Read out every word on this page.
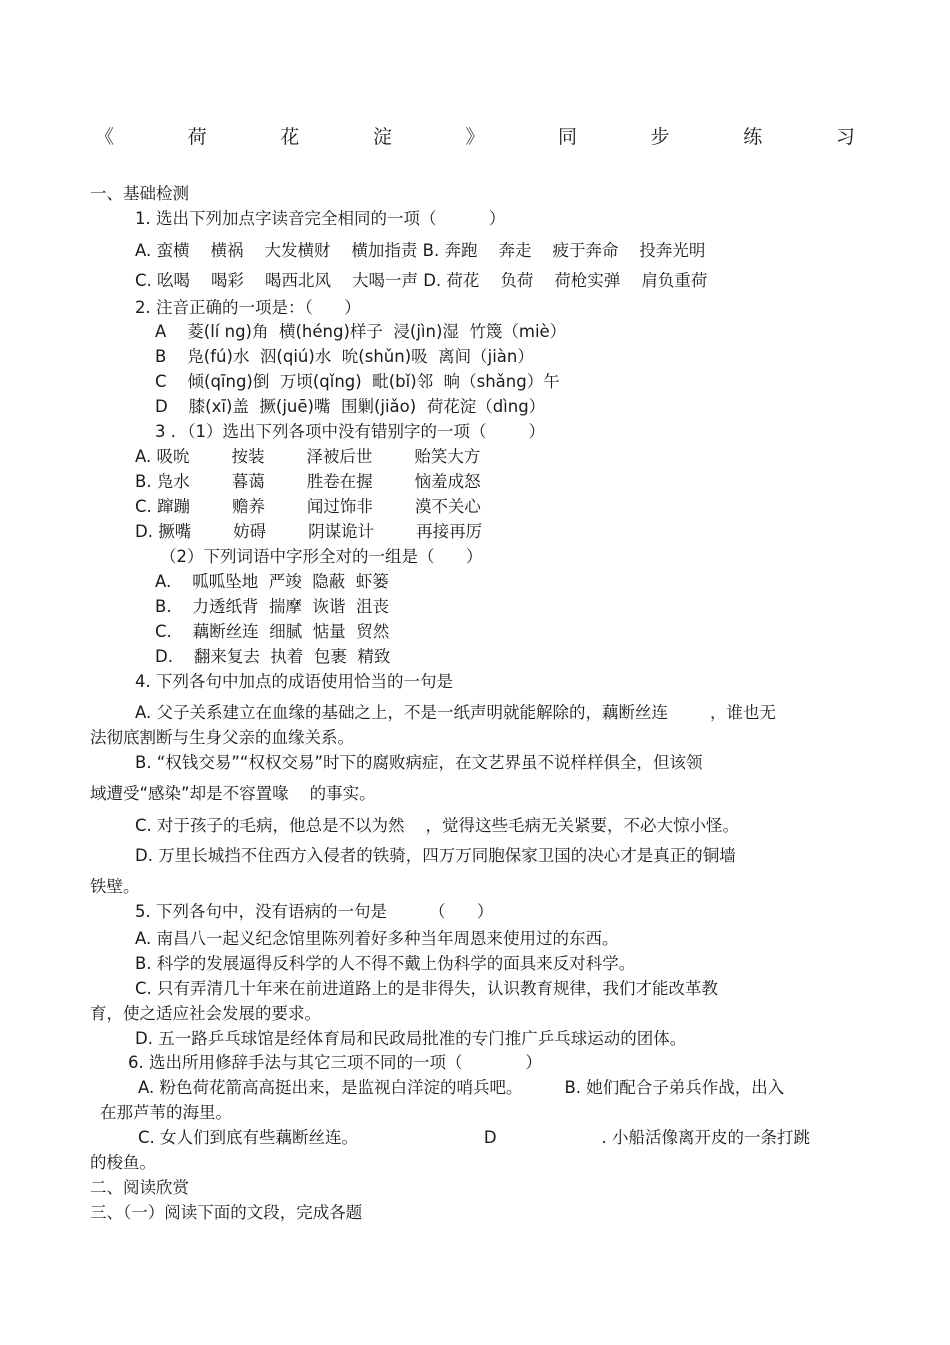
《	荷	花	淀	》	同	步	练	习
一、基础检测
1. 选出下列加点字读音完全相同的一项（          ）
A. 蛮横    横祸    大发横财    横加指责 B. 奔跑    奔走    疲于奔命    投奔光明
C. 吆喝    喝彩    喝西北风    大喝一声 D. 荷花    负荷    荷枪实弹    肩负重荷
2. 注音正确的一项是：（      ）
A    菱(lí ng)角  横(héng)样子  浸(jìn)湿  竹篾（miè）
B    凫(fú)水  泅(qiú)水  吮(shǔn)吸  离间（jiàn）
C    倾(qīng)倒  万顷(qǐng)  毗(bǐ)邻  晌（shǎng）午
D    膝(xī)盖  撅(juē)嘴  围剿(jiǎo)  荷花淀（dìng）
3 ．（1）选出下列各项中没有错别字的一项（        ）
A. 吸吮        按装        泽被后世        贻笑大方
B. 凫水        暮蔼        胜卷在握        恼羞成怒
C. 蹿蹦        赡养        闻过饰非        漠不关心
D. 撅嘴        妨碍        阴谋诡计        再接再厉
（2）下列词语中字形全对的一组是（      ）
A.    呱呱坠地  严竣  隐蔽  虾篓
B.    力透纸背  揣摩  诙谐  沮丧
C.    藕断丝连  细腻  惦量  贸然
D.    翻来复去  执着  包裹  精致
4. 下列各句中加点的成语使用恰当的一句是
A. 父子关系建立在血缘的基础之上，不是一纸声明就能解除的，藕断丝连        ，谁也无
法彻底割断与生身父亲的血缘关系。
B. “权钱交易”“权权交易”时下的腐败病症，在文艺界虽不说样样俱全，但该领
域遭受“感染”却是不容置喙    的事实。
C. 对于孩子的毛病，他总是不以为然    ，觉得这些毛病无关紧要，不必大惊小怪。
D. 万里长城挡不住西方入侵者的铁骑，四万万同胞保家卫国的决心才是真正的铜墙
铁壁。
5. 下列各句中，没有语病的一句是        （      ）
A. 南昌八一起义纪念馆里陈列着好多种当年周恩来使用过的东西。
B. 科学的发展逼得反科学的人不得不戴上伪科学的面具来反对科学。
C. 只有弄清几十年来在前进道路上的是非得失，认识教育规律，我们才能改革教
育，使之适应社会发展的要求。
D. 五一路乒乓球馆是经体育局和民政局批准的专门推广乒乓球运动的团体。
6. 选出所用修辞手法与其它三项不同的一项（            ）
A. 粉色荷花箭高高挺出来，是监视白洋淀的哨兵吧。        B. 她们配合子弟兵作战，出入
在那芦苇的海里。
C. 女人们到底有些藕断丝连。                        D                    . 小船活像离开皮的一条打跳
的梭鱼。
二、阅读欣赏
三、（一）阅读下面的文段，完成各题
